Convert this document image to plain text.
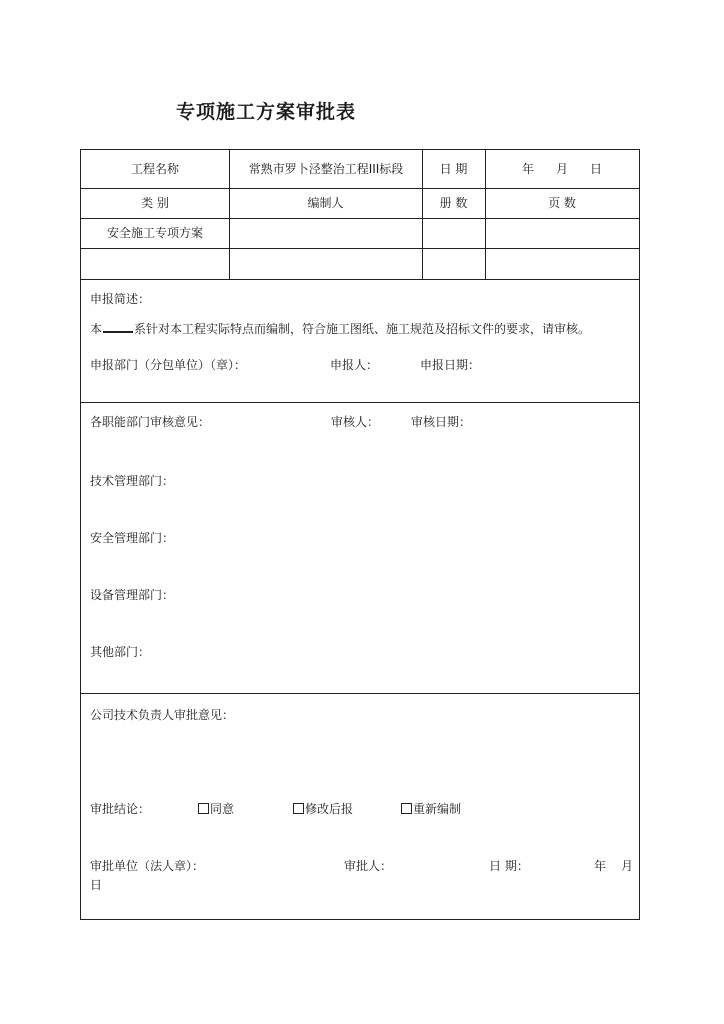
专项施工方案审批表
工程名称	常熟市罗卜泾整治工程III标段	日 期	年 月 日
类 别	编制人	册 数	页 数
安全施工专项方案
申报简述：
本	系针对本工程实际特点而编制，符合施工图纸、施工规范及招标文件的要求，请审核。
申报部门（分包单位）（章）：	申报人：	申报日期：
各职能部门审核意见：	审核人：	审核日期：
技术管理部门：
安全管理部门：
设备管理部门：
其他部门：
公司技术负责人审批意见：
审批结论：	同意	修改后报	重新编制
审批单位（法人章）：	审批人：	日 期：	年 月
日
